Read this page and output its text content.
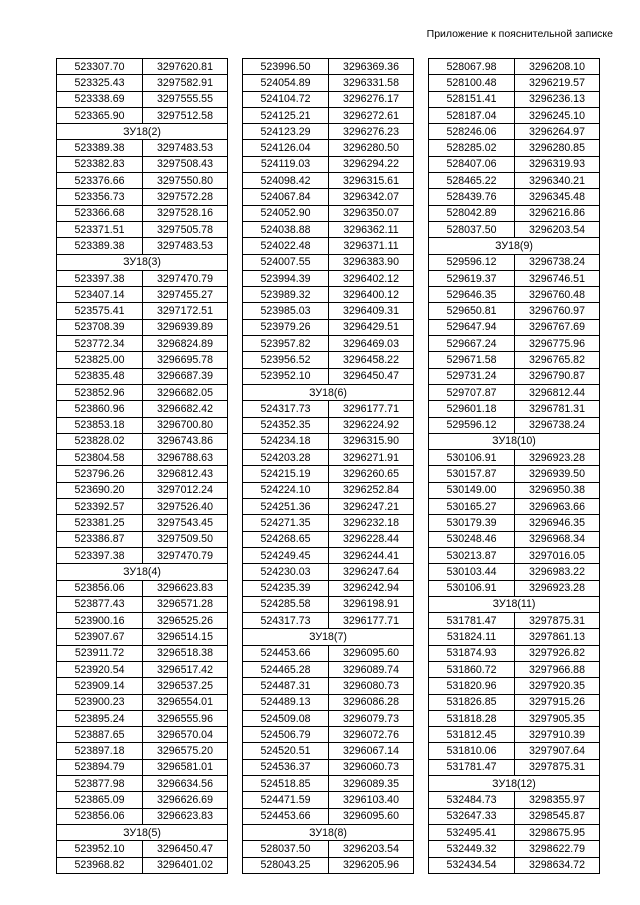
Приложение к пояснительной записке
523307.70	3297620.81
523325.43	3297582.91
523338.69	3297555.55
523365.90	3297512.58
ЗУ18(2)	
523389.38	3297483.53
523382.83	3297508.43
523376.66	3297550.80
523356.73	3297572.28
523366.68	3297528.16
523371.51	3297505.78
523389.38	3297483.53
ЗУ18(3)	
523397.38	3297470.79
523407.14	3297455.27
523575.41	3297172.51
523708.39	3296939.89
523772.34	3296824.89
523825.00	3296695.78
523835.48	3296687.39
523852.96	3296682.05
523860.96	3296682.42
523853.18	3296700.80
523828.02	3296743.86
523804.58	3296788.63
523796.26	3296812.43
523690.20	3297012.24
523392.57	3297526.40
523381.25	3297543.45
523386.87	3297509.50
523397.38	3297470.79
ЗУ18(4)	
523856.06	3296623.83
523877.43	3296571.28
523900.16	3296525.26
523907.67	3296514.15
523911.72	3296518.38
523920.54	3296517.42
523909.14	3296537.25
523900.23	3296554.01
523895.24	3296555.96
523887.65	3296570.04
523897.18	3296575.20
523894.79	3296581.01
523877.98	3296634.56
523865.09	3296626.69
523856.06	3296623.83
ЗУ18(5)	
523952.10	3296450.47
523968.82	3296401.02
523996.50	3296369.36
524054.89	3296331.58
524104.72	3296276.17
524125.21	3296272.61
524123.29	3296276.23
524126.04	3296280.50
524119.03	3296294.22
524098.42	3296315.61
524067.84	3296342.07
524052.90	3296350.07
524038.88	3296362.11
524022.48	3296371.11
524007.55	3296383.90
523994.39	3296402.12
523989.32	3296400.12
523985.03	3296409.31
523979.26	3296429.51
523957.82	3296469.03
523956.52	3296458.22
523952.10	3296450.47
ЗУ18(6)	
524317.73	3296177.71
524352.35	3296224.92
524234.18	3296315.90
524203.28	3296271.91
524215.19	3296260.65
524224.10	3296252.84
524251.36	3296247.21
524271.35	3296232.18
524268.65	3296228.44
524249.45	3296244.41
524230.03	3296247.64
524235.39	3296242.94
524285.58	3296198.91
524317.73	3296177.71
ЗУ18(7)	
524453.66	3296095.60
524465.28	3296089.74
524487.31	3296080.73
524489.13	3296086.28
524509.08	3296079.73
524506.79	3296072.76
524520.51	3296067.14
524536.37	3296060.73
524518.85	3296089.35
524471.59	3296103.40
524453.66	3296095.60
ЗУ18(8)	
528037.50	3296203.54
528043.25	3296205.96
528067.98	3296208.10
528100.48	3296219.57
528151.41	3296236.13
528187.04	3296245.10
528246.06	3296264.97
528285.02	3296280.85
528407.06	3296319.93
528465.22	3296340.21
528439.76	3296345.48
528042.89	3296216.86
528037.50	3296203.54
ЗУ18(9)	
529596.12	3296738.24
529619.37	3296746.51
529646.35	3296760.48
529650.81	3296760.97
529647.94	3296767.69
529667.24	3296775.96
529671.58	3296765.82
529731.24	3296790.87
529707.87	3296812.44
529601.18	3296781.31
529596.12	3296738.24
ЗУ18(10)	
530106.91	3296923.28
530157.87	3296939.50
530149.00	3296950.38
530165.27	3296963.66
530179.39	3296946.35
530248.46	3296968.34
530213.87	3297016.05
530103.44	3296983.22
530106.91	3296923.28
ЗУ18(11)	
531781.47	3297875.31
531824.11	3297861.13
531874.93	3297926.82
531860.72	3297966.88
531820.96	3297920.35
531826.85	3297915.26
531818.28	3297905.35
531812.45	3297910.39
531810.06	3297907.64
531781.47	3297875.31
ЗУ18(12)	
532484.73	3298355.97
532647.33	3298545.87
532495.41	3298675.95
532449.32	3298622.79
532434.54	3298634.72
